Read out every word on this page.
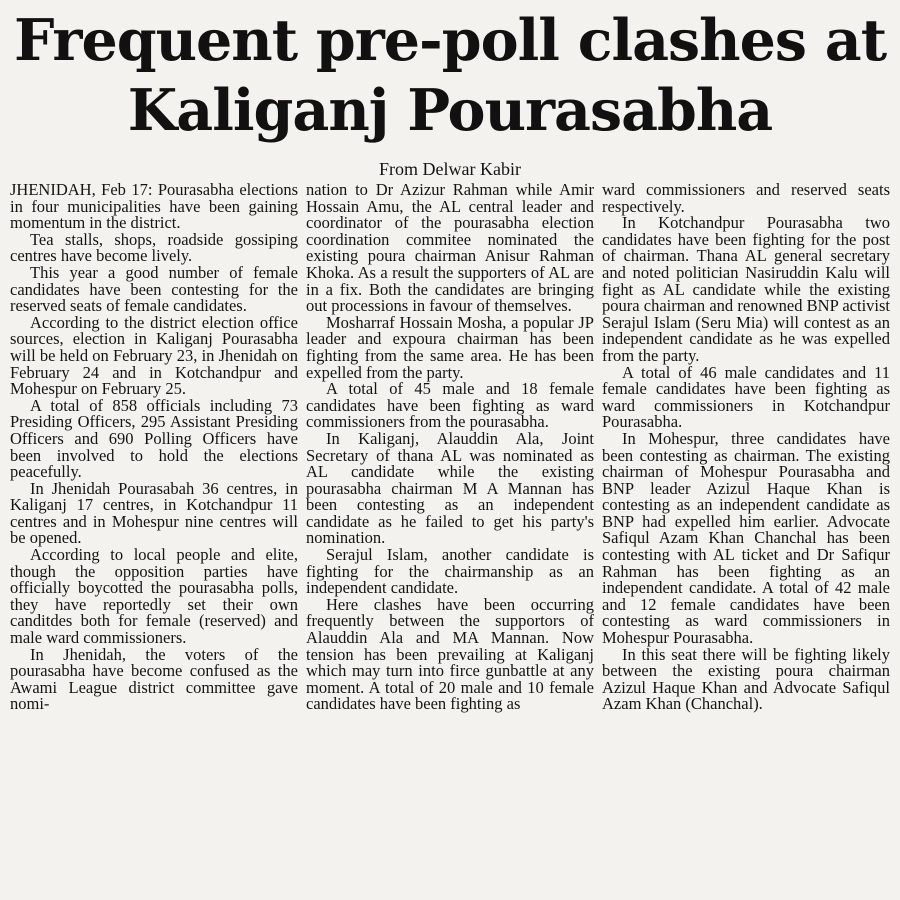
Frequent pre-poll clashes at
Kaliganj Pourasabha
From Delwar Kabir

JHENIDAH, Feb 17: Pourasabha elections in four municipalities have been gaining momentum in the district.

Tea stalls, shops, roadside gossiping centres have become lively.

This year a good number of female candidates have been contesting for the reserved seats of female candidates.

According to the district election office sources, election in Kaliganj Pourasabha will be held on February 23, in Jhenidah on February 24 and in Kotchandpur and Mohespur on February 25.

A total of 858 officials including 73 Presiding Officers, 295 Assistant Presiding Officers and 690 Polling Officers have been involved to hold the elections peacefully.

In Jhenidah Pourasabah 36 centres, in Kaliganj 17 centres, in Kotchandpur 11 centres and in Mohespur nine centres will be opened.

According to local people and elite, though the opposition parties have officially boycotted the pourasabha polls, they have reportedly set their own canditdes both for female (reserved) and male ward commissioners.

In Jhenidah, the voters of the pourasabha have become confused as the Awami League district committee gave nomi-

nation to Dr Azizur Rahman while Amir Hossain Amu, the AL central leader and coordinator of the pourasabha election coordination commitee nominated the existing poura chairman Anisur Rahman Khoka. As a result the supporters of AL are in a fix. Both the candidates are bringing out processions in favour of themselves.

Mosharraf Hossain Mosha, a popular JP leader and expoura chairman has been fighting from the same area. He has been expelled from the party.

A total of 45 male and 18 female candidates have been fighting as ward commissioners from the pourasabha.

In Kaliganj, Alauddin Ala, Joint Secretary of thana AL was nominated as AL candidate while the existing pourasabha chairman M A Mannan has been contesting as an independent candidate as he failed to get his party's nomination.

Serajul Islam, another candidate is fighting for the chairmanship as an independent candidate.

Here clashes have been occurring frequently between the supportors of Alauddin Ala and MA Mannan. Now tension has been prevailing at Kaliganj which may turn into firce gunbattle at any moment. A total of 20 male and 10 female candidates have been fighting as

ward commissioners and reserved seats respectively.

In Kotchandpur Pourasabha two candidates have been fighting for the post of chairman. Thana AL general secretary and noted politician Nasiruddin Kalu will fight as AL candidate while the existing poura chairman and renowned BNP activist Serajul Islam (Seru Mia) will contest as an independent candidate as he was expelled from the party.

A total of 46 male candidates and 11 female candidates have been fighting as ward commissioners in Kotchandpur Pourasabha.

In Mohespur, three candidates have been contesting as chairman. The existing chairman of Mohespur Pourasabha and BNP leader Azizul Haque Khan is contesting as an independent candidate as BNP had expelled him earlier. Advocate Safiqul Azam Khan Chanchal has been contesting with AL ticket and Dr Safiqur Rahman has been fighting as an independent candidate. A total of 42 male and 12 female candidates have been contesting as ward commissioners in Mohespur Pourasabha.

In this seat there will be fighting likely between the existing poura chairman Azizul Haque Khan and Advocate Safiqul Azam Khan (Chanchal).
